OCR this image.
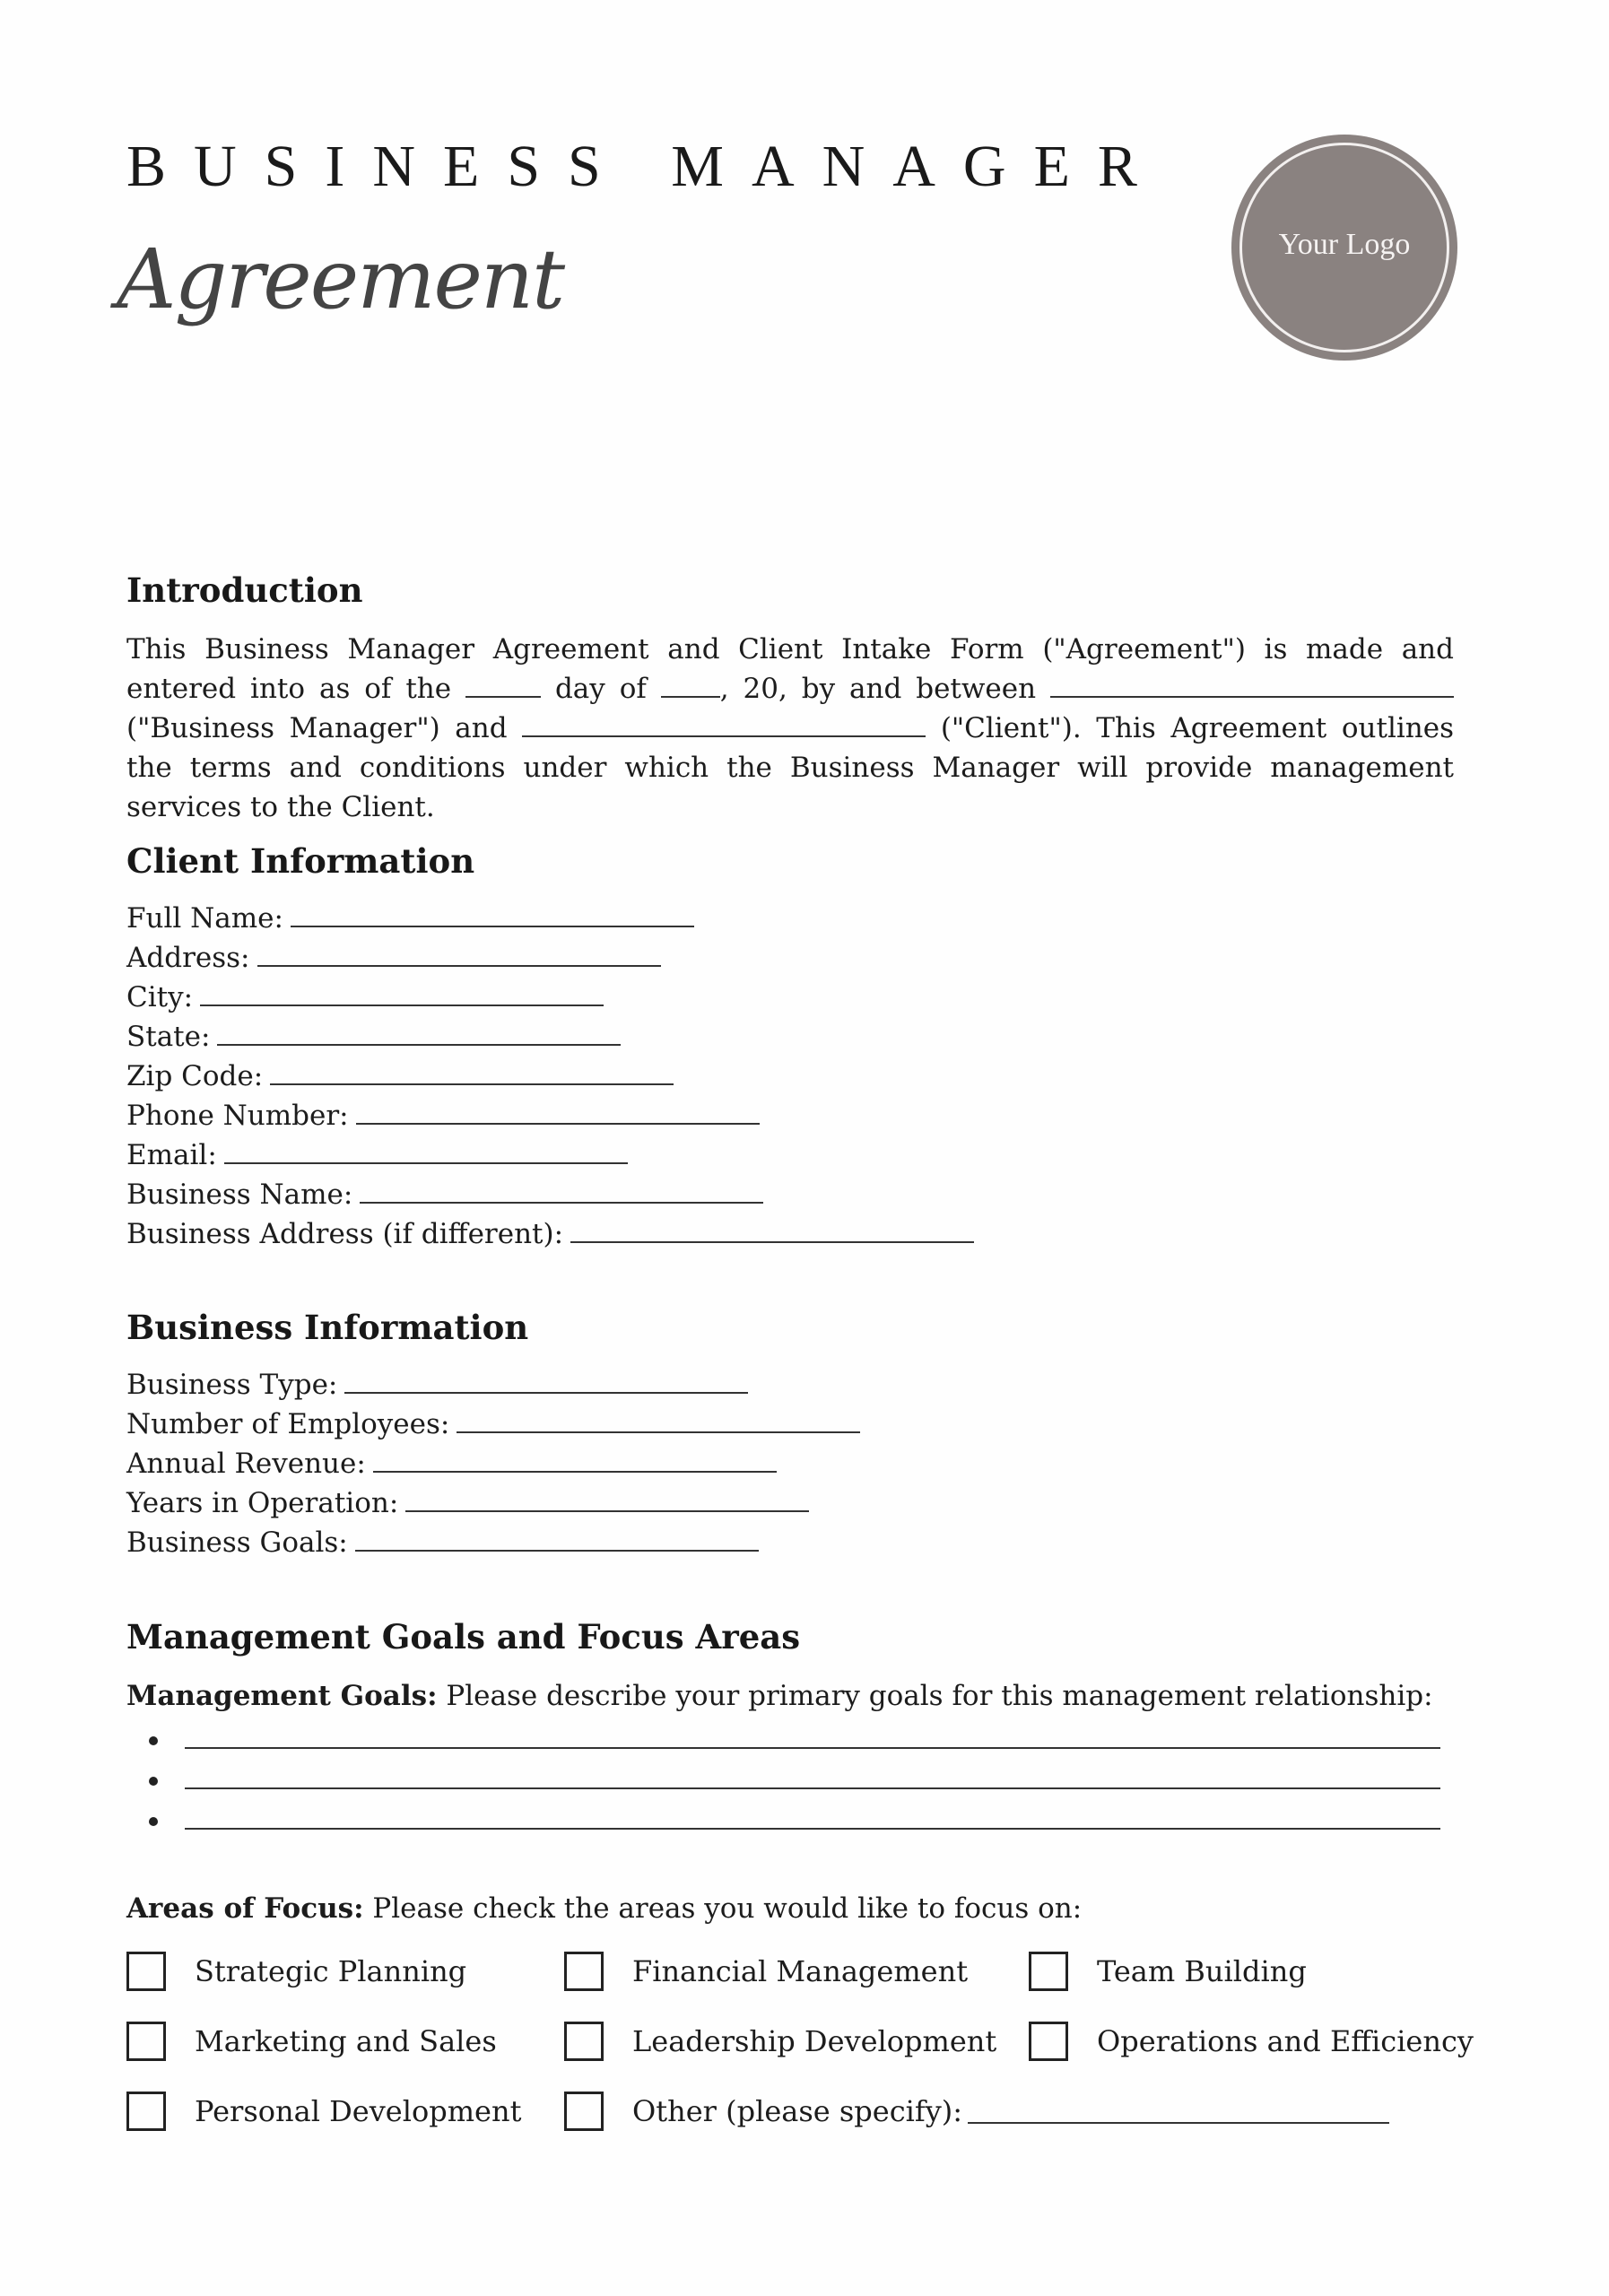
BUSINESS MANAGER
Agreement	Your Logo
Introduction

This Business Manager Agreement and Client Intake Form ("Agreement") is made and entered into as of the	day of	, 20, by and between  ("Business Manager") and	("Client"). This Agreement outlines the terms and conditions under which the Business Manager will provide management services to the Client.

Client Information
Full Name:
Address:
City:
State:
Zip Code:
Phone Number:
Email:
Business Name:
Business Address (if different):
Business Information
Business Type:
Number of Employees:
Annual Revenue:
Years in Operation:
Business Goals:
Management Goals and Focus Areas
Management Goals: Please describe your primary goals for this management relationship:
Areas of Focus: Please check the areas you would like to focus on:
Strategic Planning	Financial Management	Team Building
Marketing and Sales	Leadership Development	Operations and Efficiency
Personal Development	Other (please specify):
